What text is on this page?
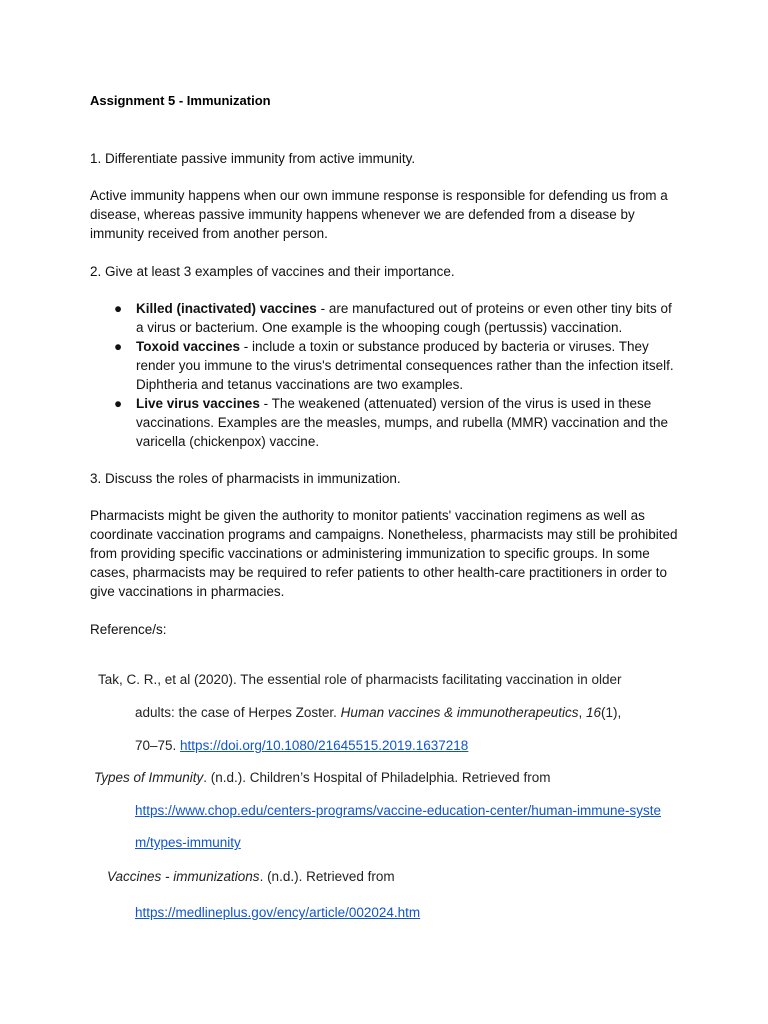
Assignment 5 - Immunization
1. Differentiate passive immunity from active immunity.
Active immunity happens when our own immune response is responsible for defending us from a disease, whereas passive immunity happens whenever we are defended from a disease by immunity received from another person.
2. Give at least 3 examples of vaccines and their importance.
● Killed (inactivated) vaccines - are manufactured out of proteins or even other tiny bits of a virus or bacterium. One example is the whooping cough (pertussis) vaccination.
● Toxoid vaccines - include a toxin or substance produced by bacteria or viruses. They render you immune to the virus's detrimental consequences rather than the infection itself. Diphtheria and tetanus vaccinations are two examples.
● Live virus vaccines - The weakened (attenuated) version of the virus is used in these vaccinations. Examples are the measles, mumps, and rubella (MMR) vaccination and the varicella (chickenpox) vaccine.
3. Discuss the roles of pharmacists in immunization.
Pharmacists might be given the authority to monitor patients' vaccination regimens as well as coordinate vaccination programs and campaigns. Nonetheless, pharmacists may still be prohibited from providing specific vaccinations or administering immunization to specific groups. In some cases, pharmacists may be required to refer patients to other health-care practitioners in order to give vaccinations in pharmacies.
Reference/s:
Tak, C. R., et al (2020). The essential role of pharmacists facilitating vaccination in older
adults: the case of Herpes Zoster. Human vaccines & immunotherapeutics, 16(1),
70–75. https://doi.org/10.1080/21645515.2019.1637218
Types of Immunity. (n.d.). Children’s Hospital of Philadelphia. Retrieved from
https://www.chop.edu/centers-programs/vaccine-education-center/human-immune-syste
m/types-immunity
Vaccines - immunizations. (n.d.). Retrieved from
https://medlineplus.gov/ency/article/002024.htm
